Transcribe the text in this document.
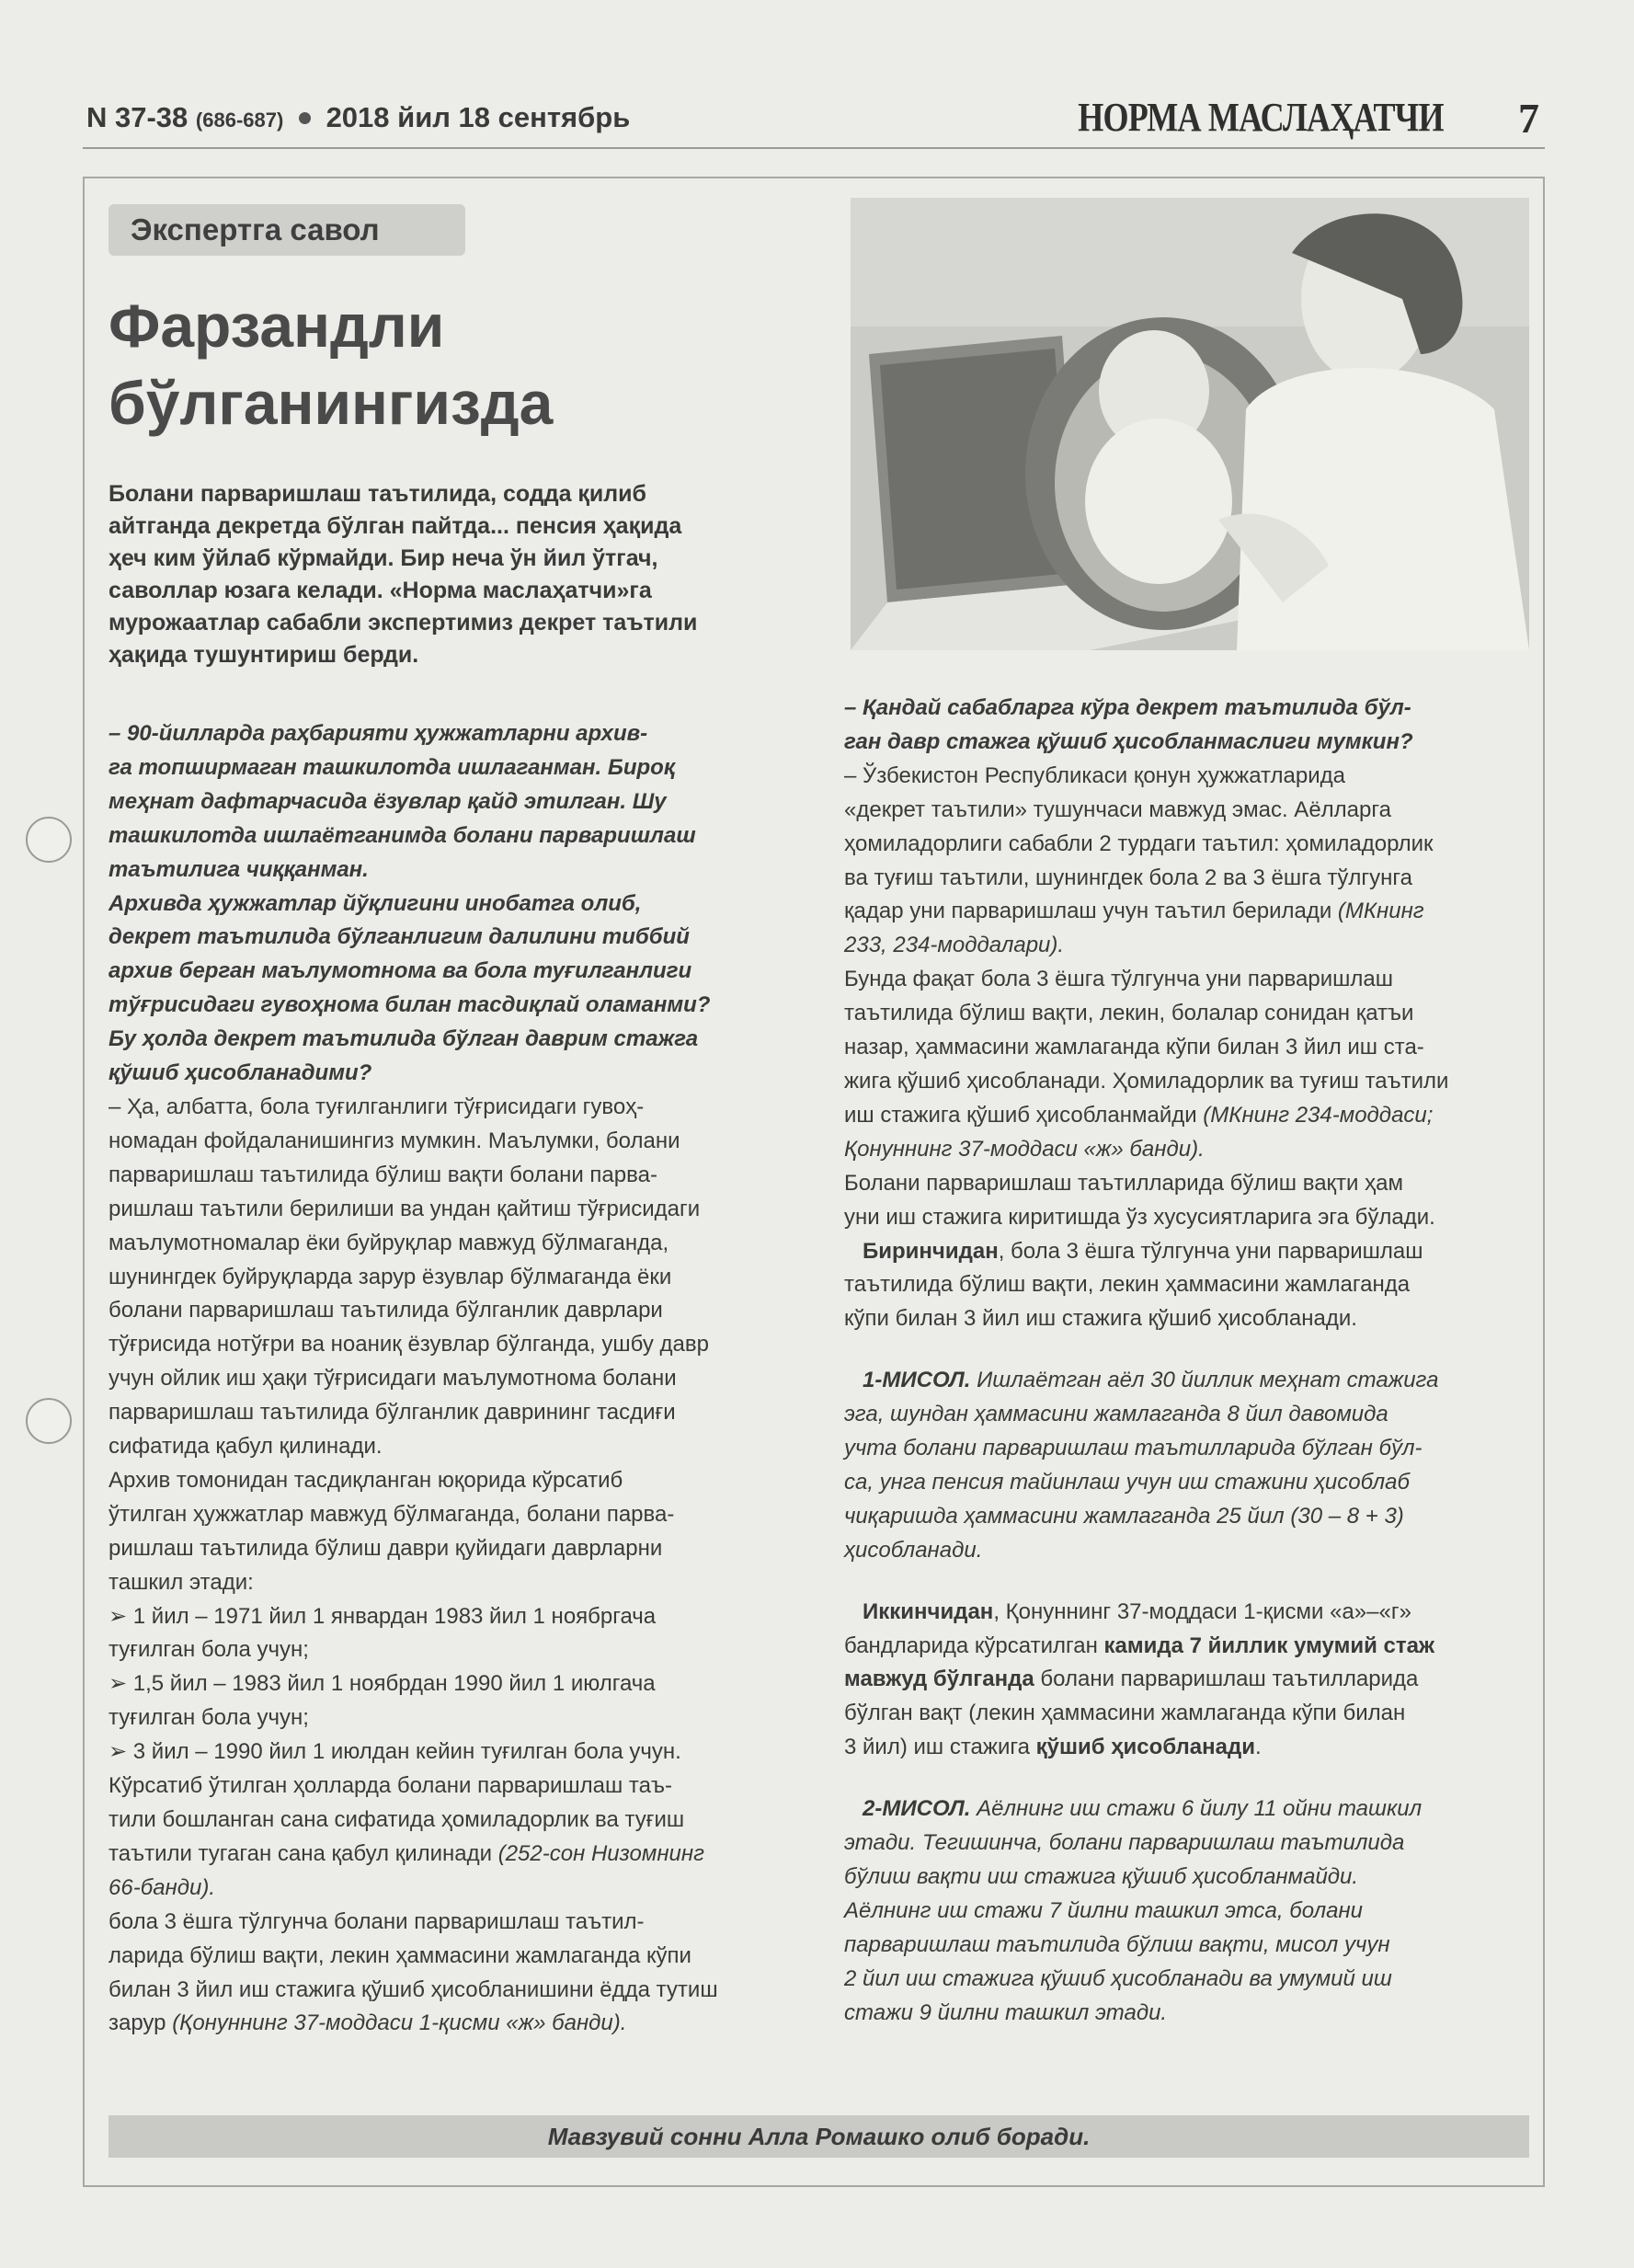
N 37-38 (686-687) 2018 йил 18 сентябрь	НОРМА МАСЛАҲАТЧИ 7
Экспертга савол
Фарзандли
бўлганингизда
Болани парваришлаш таътилида, содда қилиб
айтганда декретда бўлган пайтда... пенсия ҳақида
ҳеч ким ўйлаб кўрмайди. Бир неча ўн йил ўтгач,
саволлар юзага келади. «Норма маслаҳатчи»га
мурожаатлар сабабли экспертимиз декрет таътили
ҳақида тушунтириш берди.
– 90-йилларда раҳбарияти ҳужжатларни архив-
га топширмаган ташкилотда ишлаганман. Бироқ
меҳнат дафтарчасида ёзувлар қайд этилган. Шу
ташкилотда ишлаётганимда болани парваришлаш
таътилига чиққанман.
Архивда ҳужжатлар йўқлигини инобатга олиб,
декрет таътилида бўлганлигим далилини тиббий
архив берган маълумотнома ва бола туғилганлиги
тўғрисидаги гувоҳнома билан тасдиқлай оламанми?
Бу ҳолда декрет таътилида бўлган даврим стажга
қўшиб ҳисобланадими?
– Ҳа, албатта, бола туғилганлиги тўғрисидаги гувоҳ-
номадан фойдаланишингиз мумкин. Маълумки, болани
парваришлаш таътилида бўлиш вақти болани парва-
ришлаш таътили берилиши ва ундан қайтиш тўғрисидаги
маълумотномалар ёки буйруқлар мавжуд бўлмаганда,
шунингдек буйруқларда зарур ёзувлар бўлмаганда ёки
болани парваришлаш таътилида бўлганлик даврлари
тўғрисида нотўғри ва ноаниқ ёзувлар бўлганда, ушбу давр
учун ойлик иш ҳақи тўғрисидаги маълумотнома болани
парваришлаш таътилида бўлганлик даврининг тасдиғи
сифатида қабул қилинади.
Архив томонидан тасдиқланган юқорида кўрсатиб
ўтилган ҳужжатлар мавжуд бўлмаганда, болани парва-
ришлаш таътилида бўлиш даври қуйидаги даврларни
ташкил этади:
➢ 1 йил – 1971 йил 1 январдан 1983 йил 1 ноябргача
туғилган бола учун;
➢ 1,5 йил – 1983 йил 1 ноябрдан 1990 йил 1 июлгача
туғилган бола учун;
➢ 3 йил – 1990 йил 1 июлдан кейин туғилган бола учун.
Кўрсатиб ўтилган ҳолларда болани парваришлаш таъ-
тили бошланган сана сифатида ҳомиладорлик ва туғиш
таътили тугаган сана қабул қилинади (252-сон Низомнинг
66-банди).
бола 3 ёшга тўлгунча болани парваришлаш таътил-
ларида бўлиш вақти, лекин ҳаммасини жамлаганда кўпи
билан 3 йил иш стажига қўшиб ҳисобланишини ёдда тутиш
зарур (Қонуннинг 37-моддаси 1-қисми «ж» банди).
– Қандай сабабларга кўра декрет таътилида бўл-
ган давр стажга қўшиб ҳисобланмаслиги мумкин?
– Ўзбекистон Республикаси қонун ҳужжатларида
«декрет таътили» тушунчаси мавжуд эмас. Аёлларга
ҳомиладорлиги сабабли 2 турдаги таътил: ҳомиладорлик
ва туғиш таътили, шунингдек бола 2 ва 3 ёшга тўлгунга
қадар уни парваришлаш учун таътил берилади (МКнинг
233, 234-моддалари).
Бунда фақат бола 3 ёшга тўлгунча уни парваришлаш
таътилида бўлиш вақти, лекин, болалар сонидан қатъи
назар, ҳаммасини жамлаганда кўпи билан 3 йил иш ста-
жига қўшиб ҳисобланади. Ҳомиладорлик ва туғиш таътили
иш стажига қўшиб ҳисобланмайди (МКнинг 234-моддаси;
Қонуннинг 37-моддаси «ж» банди).
Болани парваришлаш таътилларида бўлиш вақти ҳам
уни иш стажига киритишда ўз хусусиятларига эга бўлади.
Биринчидан, бола 3 ёшга тўлгунча уни парваришлаш
таътилида бўлиш вақти, лекин ҳаммасини жамлаганда
кўпи билан 3 йил иш стажига қўшиб ҳисобланади.
1-МИСОЛ. Ишлаётган аёл 30 йиллик меҳнат стажига
эга, шундан ҳаммасини жамлаганда 8 йил давомида
учта болани парваришлаш таътилларида бўлган бўл-
са, унга пенсия тайинлаш учун иш стажини ҳисоблаб
чиқаришда ҳаммасини жамлаганда 25 йил (30 – 8 + 3)
ҳисобланади.
Иккинчидан, Қонуннинг 37-моддаси 1-қисми «а»–«г»
бандларида кўрсатилган камида 7 йиллик умумий стаж
мавжуд бўлганда болани парваришлаш таътилларида
бўлган вақт (лекин ҳаммасини жамлаганда кўпи билан
3 йил) иш стажига қўшиб ҳисобланади.
2-МИСОЛ. Аёлнинг иш стажи 6 йилу 11 ойни ташкил
этади. Тегишинча, болани парваришлаш таътилида
бўлиш вақти иш стажига қўшиб ҳисобланмайди.
Аёлнинг иш стажи 7 йилни ташкил этса, болани
парваришлаш таътилида бўлиш вақти, мисол учун
2 йил иш стажига қўшиб ҳисобланади ва умумий иш
стажи 9 йилни ташкил этади.
Мавзувий сонни Алла Ромашко олиб боради.
